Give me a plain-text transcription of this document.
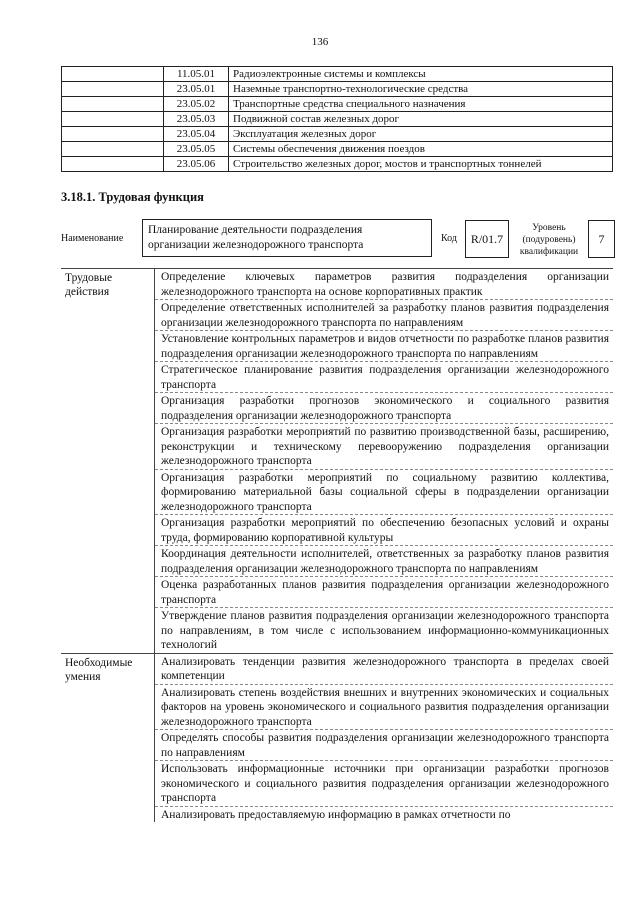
136
	11.05.01	Радиоэлектронные системы и комплексы
	23.05.01	Наземные транспортно-технологические средства
	23.05.02	Транспортные средства специального назначения
	23.05.03	Подвижной состав железных дорог
	23.05.04	Эксплуатация железных дорог
	23.05.05	Системы обеспечения движения поездов
	23.05.06	Строительство железных дорог, мостов и транспортных тоннелей
3.18.1. Трудовая функция
Наименование
Планирование деятельности подразделения
организации железнодорожного транспорта
Код	R/01.7
Уровень
(подуровень)
квалификации
7
Трудовые
действия
Определение ключевых параметров развития подразделения организации железнодорожного транспорта на основе корпоративных практик
Определение ответственных исполнителей за разработку планов развития подразделения организации железнодорожного транспорта по направлениям
Установление контрольных параметров и видов отчетности по разработке планов развития подразделения организации железнодорожного транспорта по направлениям
Стратегическое планирование развития подразделения организации железнодорожного транспорта
Организация разработки прогнозов экономического и социального развития подразделения организации железнодорожного транспорта
Организация разработки мероприятий по развитию производственной базы, расширению, реконструкции и техническому перевооружению подразделения организации железнодорожного транспорта
Организация разработки мероприятий по социальному развитию коллектива, формированию материальной базы социальной сферы в подразделении организации железнодорожного транспорта
Организация разработки мероприятий по обеспечению безопасных условий и охраны труда, формированию корпоративной культуры
Координация деятельности исполнителей, ответственных за разработку планов развития подразделения организации железнодорожного транспорта по направлениям
Оценка разработанных планов развития подразделения организации железнодорожного транспорта
Утверждение планов развития подразделения организации железнодорожного транспорта по направлениям, в том числе с использованием информационно-коммуникационных технологий
Необходимые
умения
Анализировать тенденции развития железнодорожного транспорта в пределах своей компетенции
Анализировать степень воздействия внешних и внутренних экономических и социальных факторов на уровень экономического и социального развития подразделения организации железнодорожного транспорта
Определять способы развития подразделения организации железнодорожного транспорта по направлениям
Использовать информационные источники при организации разработки прогнозов экономического и социального развития подразделения организации железнодорожного транспорта
Анализировать предоставляемую информацию в рамках отчетности по
